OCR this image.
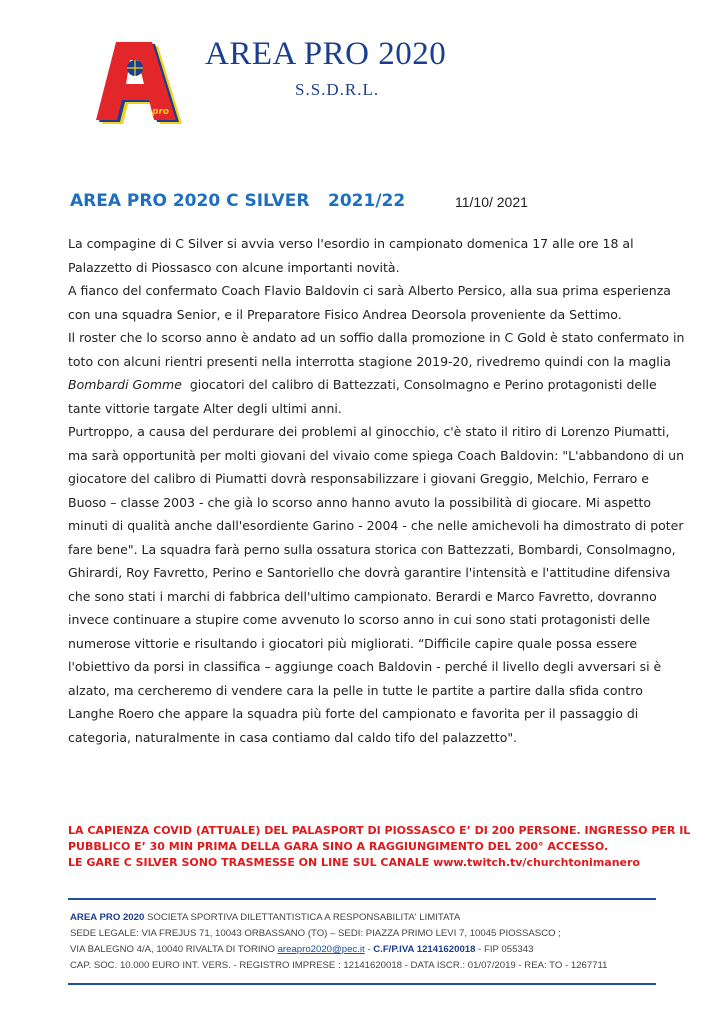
pro
AREA PRO 2020
S.S.D.R.L.
AREA PRO 2020 C SILVER 2021/22	11/10/ 2021
La compagine di C Silver si avvia verso l'esordio in campionato domenica 17 alle ore 18 al
Palazzetto di Piossasco con alcune importanti novità.
A fianco del confermato Coach Flavio Baldovin ci sarà Alberto Persico, alla sua prima esperienza
con una squadra Senior, e il Preparatore Fisico Andrea Deorsola proveniente da Settimo.
Il roster che lo scorso anno è andato ad un soffio dalla promozione in C Gold è stato confermato in
toto con alcuni rientri presenti nella interrotta stagione 2019-20, rivedremo quindi con la maglia
Bombardi Gomme giocatori del calibro di Battezzati, Consolmagno e Perino protagonisti delle
tante vittorie targate Alter degli ultimi anni.
Purtroppo, a causa del perdurare dei problemi al ginocchio, c'è stato il ritiro di Lorenzo Piumatti,
ma sarà opportunità per molti giovani del vivaio come spiega Coach Baldovin: "L'abbandono di un
giocatore del calibro di Piumatti dovrà responsabilizzare i giovani Greggio, Melchio, Ferraro e
Buoso – classe 2003 - che già lo scorso anno hanno avuto la possibilità di giocare. Mi aspetto
minuti di qualità anche dall'esordiente Garino - 2004 - che nelle amichevoli ha dimostrato di poter
fare bene". La squadra farà perno sulla ossatura storica con Battezzati, Bombardi, Consolmagno,
Ghirardi, Roy Favretto, Perino e Santoriello che dovrà garantire l'intensità e l'attitudine difensiva
che sono stati i marchi di fabbrica dell'ultimo campionato. Berardi e Marco Favretto, dovranno
invece continuare a stupire come avvenuto lo scorso anno in cui sono stati protagonisti delle
numerose vittorie e risultando i giocatori più migliorati. “Difficile capire quale possa essere
l'obiettivo da porsi in classifica – aggiunge coach Baldovin - perché il livello degli avversari si è
alzato, ma cercheremo di vendere cara la pelle in tutte le partite a partire dalla sfida contro
Langhe Roero che appare la squadra più forte del campionato e favorita per il passaggio di
categoria, naturalmente in casa contiamo dal caldo tifo del palazzetto".
LA CAPIENZA COVID (ATTUALE) DEL PALASPORT DI PIOSSASCO E’ DI 200 PERSONE. INGRESSO PER IL
PUBBLICO E’ 30 MIN PRIMA DELLA GARA SINO A RAGGIUNGIMENTO DEL 200° ACCESSO.
LE GARE C SILVER SONO TRASMESSE ON LINE SUL CANALE www.twitch.tv/churchtonimanero
AREA PRO 2020 SOCIETA SPORTIVA DILETTANTISTICA A RESPONSABILITA' LIMITATA
SEDE LEGALE: VIA FREJUS 71, 10043 ORBASSANO (TO) – SEDI: PIAZZA PRIMO LEVI 7, 10045 PIOSSASCO ;
VIA BALEGNO 4/A, 10040 RIVALTA DI TORINO areapro2020@pec.it - C.F/P.IVA 12141620018 - FIP 055343
CAP. SOC. 10.000 EURO INT. VERS. - REGISTRO IMPRESE : 12141620018 - DATA ISCR.: 01/07/2019 - REA: TO - 1267711
